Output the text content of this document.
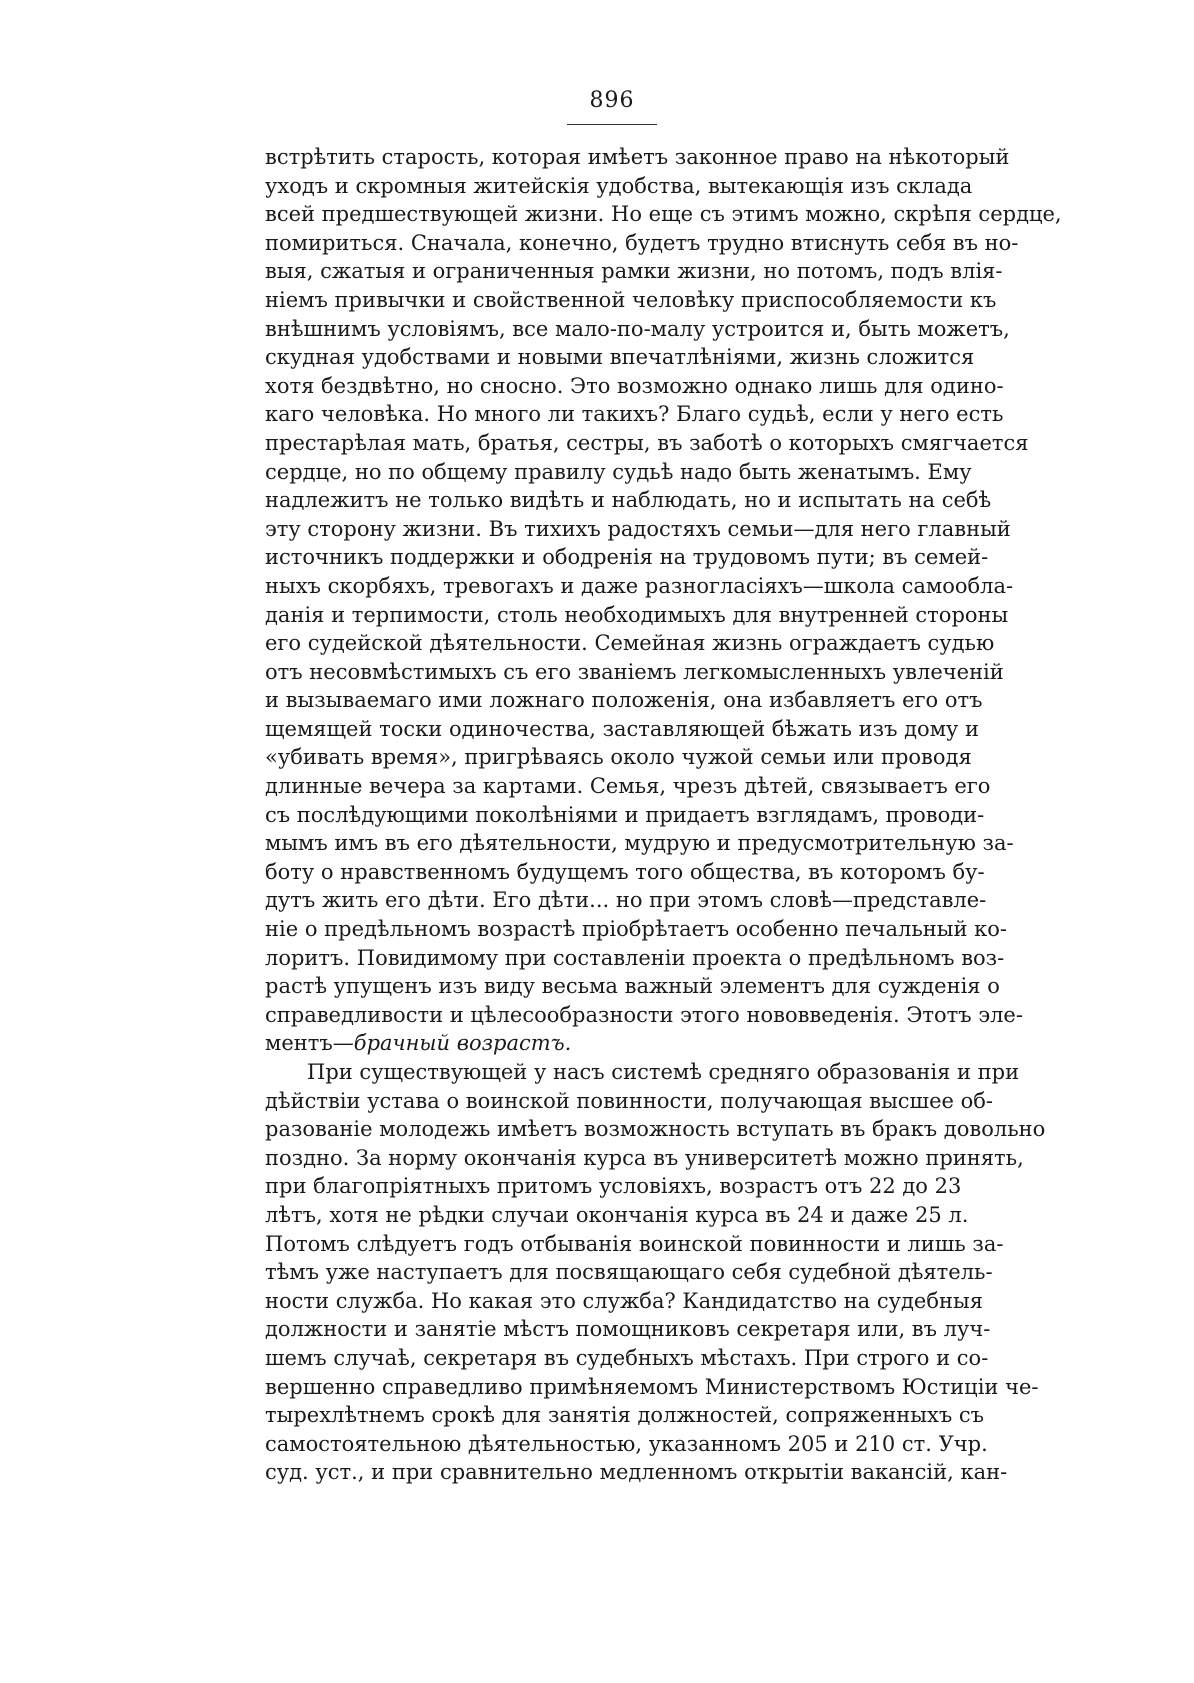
896
встрѣтить старость, которая имѣетъ законное право на нѣкоторый
уходъ и скромныя житейскія удобства, вытекающія изъ склада
всей предшествующей жизни. Но еще съ этимъ можно, скрѣпя сердце,
помириться. Сначала, конечно, будетъ трудно втиснуть себя въ но-
выя, сжатыя и ограниченныя рамки жизни, но потомъ, подъ влія-
ніемъ привычки и свойственной человѣку приспособляемости къ
внѣшнимъ условіямъ, все мало-по-малу устроится и, быть можетъ,
скудная удобствами и новыми впечатлѣніями, жизнь сложится
хотя бездвѣтно, но сносно. Это возможно однако лишь для одино-
каго человѣка. Но много ли такихъ? Благо судьѣ, если у него есть
престарѣлая мать, братья, сестры, въ заботѣ о которыхъ смягчается
сердце, но по общему правилу судьѣ надо быть женатымъ. Ему
надлежитъ не только видѣть и наблюдать, но и испытать на себѣ
эту сторону жизни. Въ тихихъ радостяхъ семьи—для него главный
источникъ поддержки и ободренія на трудовомъ пути; въ семей-
ныхъ скорбяхъ, тревогахъ и даже разногласіяхъ—школа самообла-
данія и терпимости, столь необходимыхъ для внутренней стороны
его судейской дѣятельности. Семейная жизнь ограждаетъ судью
отъ несовмѣстимыхъ съ его званіемъ легкомысленныхъ увлеченій
и вызываемаго ими ложнаго положенія, она избавляетъ его отъ
щемящей тоски одиночества, заставляющей бѣжать изъ дому и
«убивать время», пригрѣваясь около чужой семьи или проводя
длинные вечера за картами. Семья, чрезъ дѣтей, связываетъ его
съ послѣдующими поколѣніями и придаетъ взглядамъ, проводи-
мымъ имъ въ его дѣятельности, мудрую и предусмотрительную за-
боту о нравственномъ будущемъ того общества, въ которомъ бу-
дутъ жить его дѣти. Его дѣти... но при этомъ словѣ—представле-
ніе о предѣльномъ возрастѣ пріобрѣтаетъ особенно печальный ко-
лоритъ. Повидимому при составленіи проекта о предѣльномъ воз-
растѣ упущенъ изъ виду весьма важный элементъ для сужденія о
справедливости и цѣлесообразности этого нововведенія. Этотъ эле-
ментъ—брачный возрастъ.
При существующей у насъ системѣ средняго образованія и при
дѣйствіи устава о воинской повинности, получающая высшее об-
разованіе молодежь имѣетъ возможность вступать въ бракъ довольно
поздно. За норму окончанія курса въ университетѣ можно принять,
при благопріятныхъ притомъ условіяхъ, возрастъ отъ 22 до 23
лѣтъ, хотя не рѣдки случаи окончанія курса въ 24 и даже 25 л.
Потомъ слѣдуетъ годъ отбыванія воинской повинности и лишь за-
тѣмъ уже наступаетъ для посвящающаго себя судебной дѣятель-
ности служба. Но какая это служба? Кандидатство на судебныя
должности и занятіе мѣстъ помощниковъ секретаря или, въ луч-
шемъ случаѣ, секретаря въ судебныхъ мѣстахъ. При строго и со-
вершенно справедливо примѣняемомъ Министерствомъ Юстиціи че-
тырехлѣтнемъ срокѣ для занятія должностей, сопряженныхъ съ
самостоятельною дѣятельностью, указанномъ 205 и 210 ст. Учр.
суд. уст., и при сравнительно медленномъ открытіи вакансій, кан-
